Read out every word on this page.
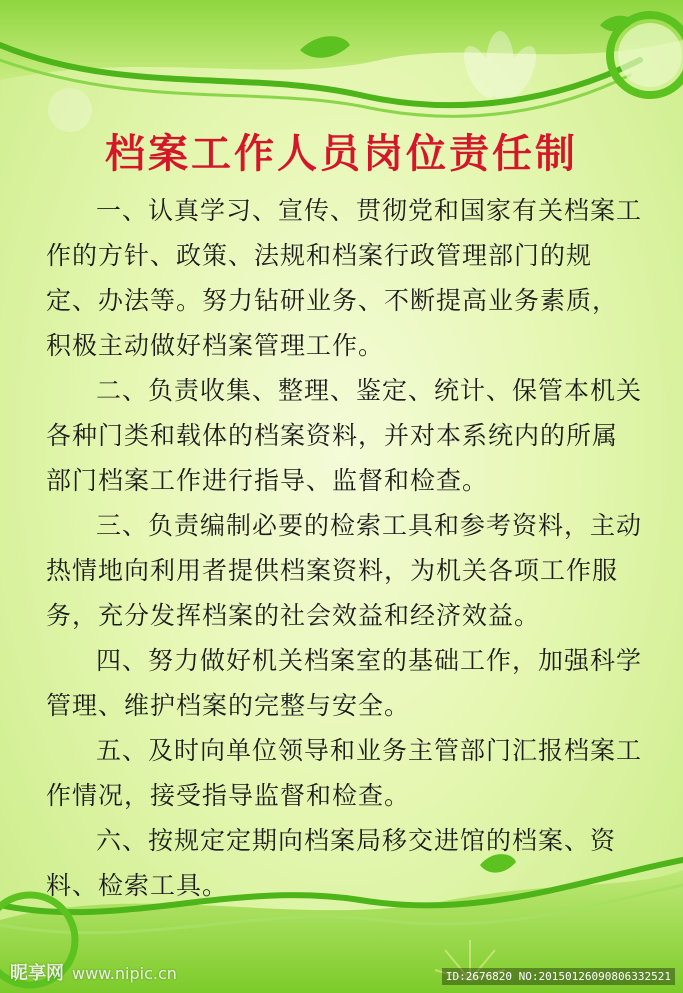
档案工作人员岗位责任制

一、认真学习、宣传、贯彻党和国家有关档案工作的方针、政策、法规和档案行政管理部门的规定、办法等。努力钻研业务、不断提高业务素质，积极主动做好档案管理工作。

二、负责收集、整理、鉴定、统计、保管本机关各种门类和载体的档案资料，并对本系统内的所属部门档案工作进行指导、监督和检查。

三、负责编制必要的检索工具和参考资料，主动热情地向利用者提供档案资料，为机关各项工作服务，充分发挥档案的社会效益和经济效益。

四、努力做好机关档案室的基础工作，加强科学管理、维护档案的完整与安全。

五、及时向单位领导和业务主管部门汇报档案工作情况，接受指导监督和检查。

六、按规定定期向档案局移交进馆的档案、资料、检索工具。

昵享网 www.nipic.cn	ID:2676820 NO:20150126090806332521
